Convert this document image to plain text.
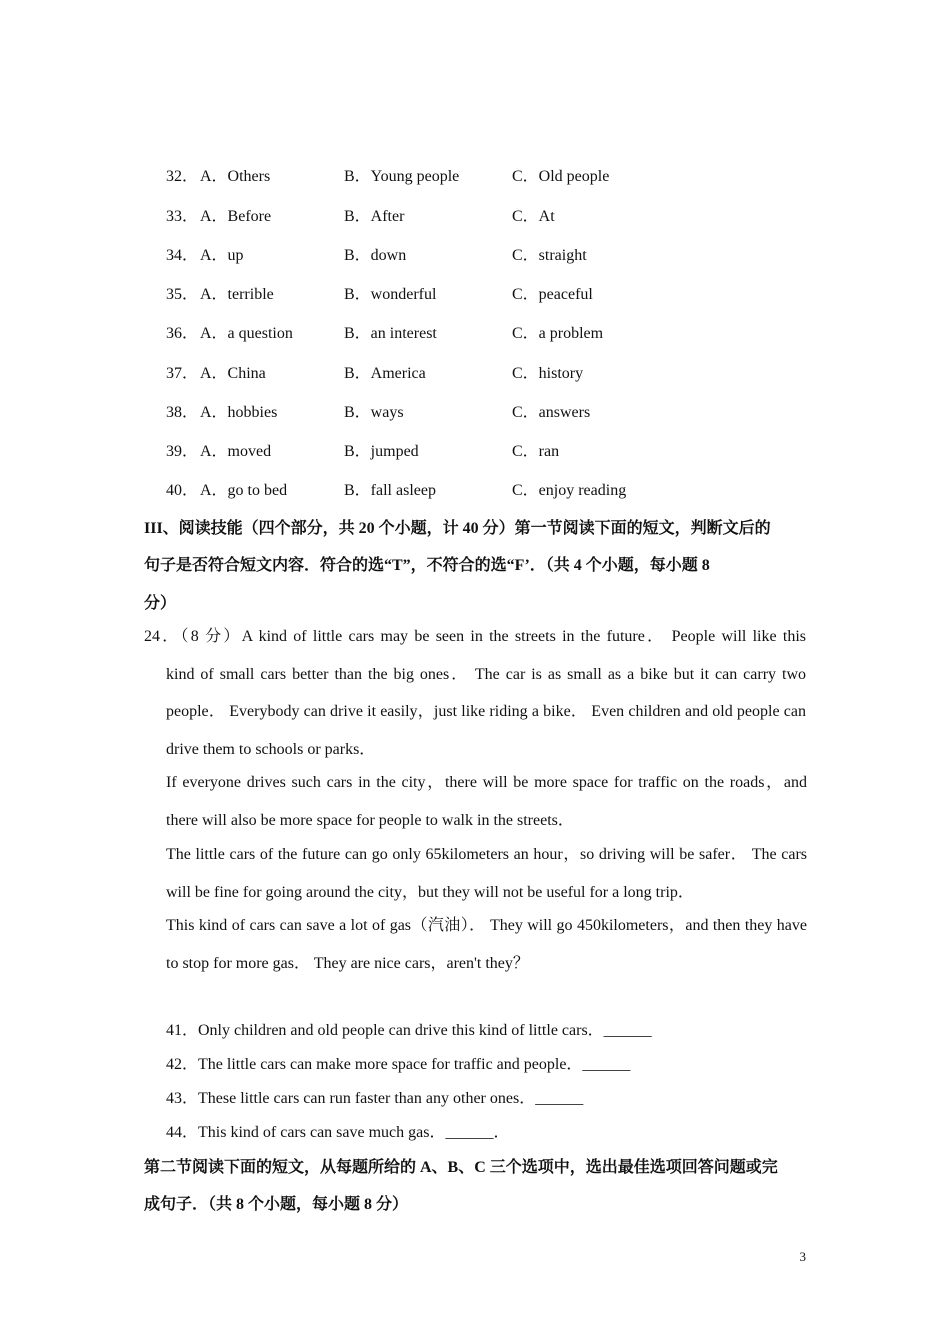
32． A．Others	B．Young people	C．Old people
33． A．Before	B．After	C．At
34． A．up	B．down	C．straight
35． A．terrible	B．wonderful	C．peaceful
36． A．a question	B．an interest	C．a problem
37． A．China	B．America	C．history
38． A．hobbies	B．ways	C．answers
39． A．moved	B．jumped	C．ran
40． A．go to bed	B．fall asleep	C．enjoy reading
III、阅读技能（四个部分，共 20 个小题，计 40 分）第一节阅读下面的短文，判断文后的
句子是否符合短文内容．符合的选“T”，不符合的选“F’．（共 4 个小题，每小题 8
分）
24．（8 分）A kind of little cars may be seen in the streets in the future． People will like this
kind of small cars better than the big ones． The car is as small as a bike but it can carry two people． Everybody can drive it easily，just like riding a bike． Even children and old people can drive them to schools or parks．
If everyone drives such cars in the city，there will be more space for traffic on the roads，and there will also be more space for people to walk in the streets．
The little cars of the future can go only 65kilometers an hour，so driving will be safer． The cars will be fine for going around the city，but they will not be useful for a long trip．
This kind of cars can save a lot of gas（汽油）． They will go 450kilometers，and then they have to stop for more gas． They are nice cars，aren't they？
41．Only children and old people can drive this kind of little cars．______
42．The little cars can make more space for traffic and people．______
43．These little cars can run faster than any other ones．______
44．This kind of cars can save much gas．______．
第二节阅读下面的短文，从每题所给的 A、B、C 三个选项中，选出最佳选项回答问题或完
成句子．（共 8 个小题，每小题 8 分）
3
